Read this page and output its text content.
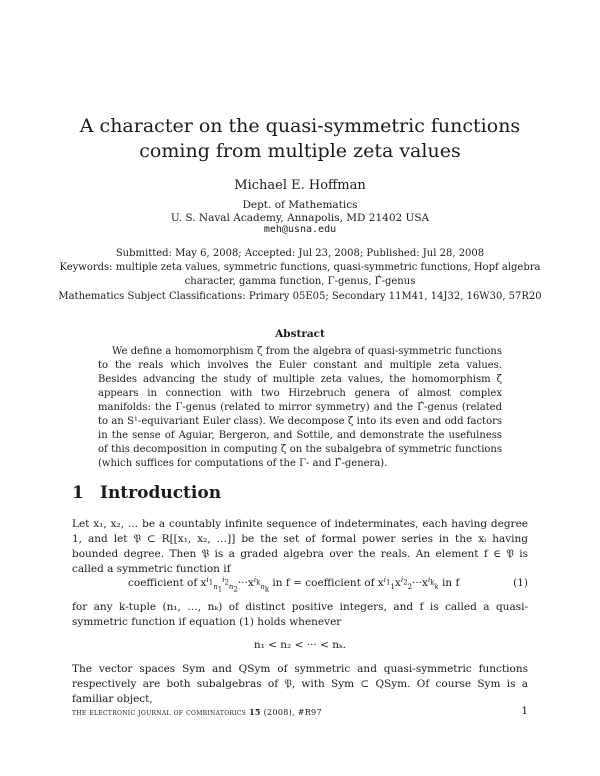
A character on the quasi-symmetric functions
coming from multiple zeta values
Michael E. Hoffman
Dept. of Mathematics
U. S. Naval Academy, Annapolis, MD 21402 USA
meh@usna.edu
Submitted: May 6, 2008; Accepted: Jul 23, 2008; Published: Jul 28, 2008
Keywords: multiple zeta values, symmetric functions, quasi-symmetric functions, Hopf algebra
character, gamma function, Γ-genus, Γ̂-genus
Mathematics Subject Classifications: Primary 05E05; Secondary 11M41, 14J32, 16W30, 57R20
Abstract
We define a homomorphism ζ from the algebra of quasi-symmetric functions to the reals which involves the Euler constant and multiple zeta values. Besides advancing the study of multiple zeta values, the homomorphism ζ appears in connection with two Hirzebruch genera of almost complex manifolds: the Γ-genus (related to mirror symmetry) and the Γ̂-genus (related to an S¹-equivariant Euler class). We decompose ζ into its even and odd factors in the sense of Aguiar, Bergeron, and Sottile, and demonstrate the usefulness of this decomposition in computing ζ on the subalgebra of symmetric functions (which suffices for computations of the Γ- and Γ̂-genera).
1 Introduction
Let x₁, x₂, … be a countably infinite sequence of indeterminates, each having degree 1, and let 𝔓 ⊂ R[[x₁, x₂, …]] be the set of formal power series in the xᵢ having bounded degree. Then 𝔓 is a graded algebra over the reals. An element f ∈ 𝔓 is called a symmetric function if
coefficient of $x^{i_1}_{n_1}^{i_2}_{n_2}\cdot\cdot\cdot x^{i_k}_{n_k}$ in f = coefficient of $x^{i_1}_1x^{i_2}_2\cdot\cdot\cdot x^{i_k}_k$ in f	(1)
for any k-tuple (n₁, …, nₖ) of distinct positive integers, and f is called a quasi-symmetric function if equation (1) holds whenever
n₁ < n₂ < ··· < nₖ.
The vector spaces Sym and QSym of symmetric and quasi-symmetric functions respectively are both subalgebras of 𝔓, with Sym ⊂ QSym. Of course Sym is a familiar object,
the electronic journal of combinatorics 15 (2008), #R97	1
